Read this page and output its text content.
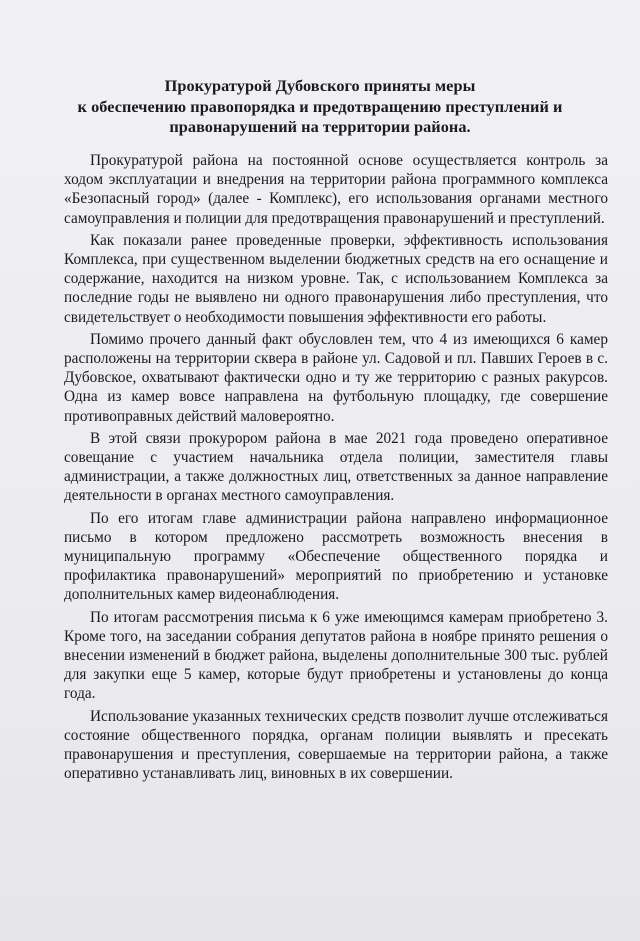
Прокуратурой Дубовского приняты меры
к обеспечению правопорядка и предотвращению преступлений и
правонарушений на территории района.

Прокуратурой района на постоянной основе осуществляется контроль за ходом эксплуатации и внедрения на территории района программного комплекса «Безопасный город» (далее - Комплекс), его использования органами местного самоуправления и полиции для предотвращения правонарушений и преступлений.

Как показали ранее проведенные проверки, эффективность использования Комплекса, при существенном выделении бюджетных средств на его оснащение и содержание, находится на низком уровне. Так, с использованием Комплекса за последние годы не выявлено ни одного правонарушения либо преступления, что свидетельствует о необходимости повышения эффективности его работы.

Помимо прочего данный факт обусловлен тем, что 4 из имеющихся 6 камер расположены на территории сквера в районе ул. Садовой и пл. Павших Героев в с. Дубовское, охватывают фактически одно и ту же территорию с разных ракурсов. Одна из камер вовсе направлена на футбольную площадку, где совершение противоправных действий маловероятно.

В этой связи прокурором района в мае 2021 года проведено оперативное совещание с участием начальника отдела полиции, заместителя главы администрации, а также должностных лиц, ответственных за данное направление деятельности в органах местного самоуправления.

По его итогам главе администрации района направлено информационное письмо в котором предложено рассмотреть возможность внесения в муниципальную программу «Обеспечение общественного порядка и профилактика правонарушений» мероприятий по приобретению и установке дополнительных камер видеонаблюдения.

По итогам рассмотрения письма к 6 уже имеющимся камерам приобретено 3. Кроме того, на заседании собрания депутатов района в ноябре принято решения о внесении изменений в бюджет района, выделены дополнительные 300 тыс. рублей для закупки еще 5 камер, которые будут приобретены и установлены до конца года.

Использование указанных технических средств позволит лучше отслеживаться состояние общественного порядка, органам полиции выявлять и пресекать правонарушения и преступления, совершаемые на территории района, а также оперативно устанавливать лиц, виновных в их совершении.
